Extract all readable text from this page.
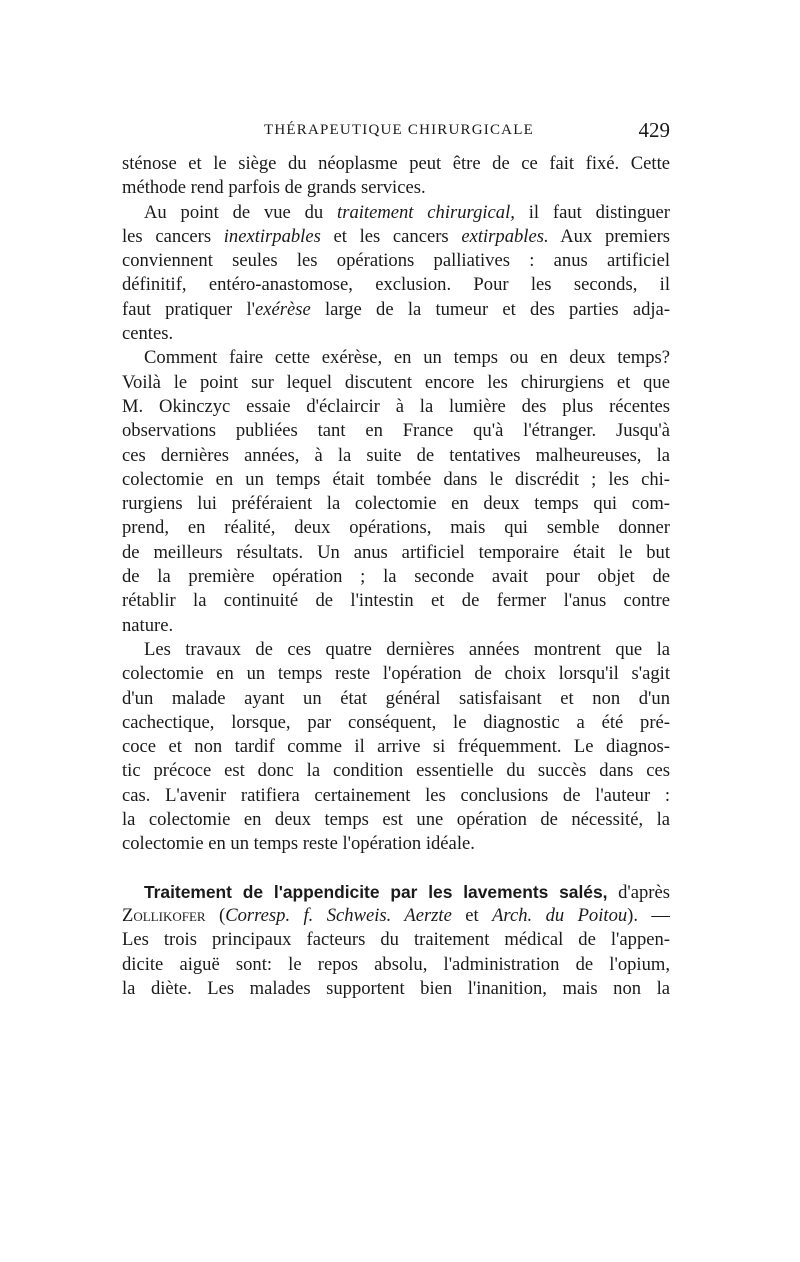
THÉRAPEUTIQUE CHIRURGICALE	429
sténose et le siège du néoplasme peut être de ce fait fixé. Cette
méthode rend parfois de grands services.
Au point de vue du traitement chirurgical, il faut distinguer
les cancers inextirpables et les cancers extirpables. Aux premiers
conviennent seules les opérations palliatives : anus artificiel
définitif, entéro-anastomose, exclusion. Pour les seconds, il
faut pratiquer l'exérèse large de la tumeur et des parties adja-
centes.
Comment faire cette exérèse, en un temps ou en deux temps?
Voilà le point sur lequel discutent encore les chirurgiens et que
M. Okinczyc essaie d'éclaircir à la lumière des plus récentes
observations publiées tant en France qu'à l'étranger. Jusqu'à
ces dernières années, à la suite de tentatives malheureuses, la
colectomie en un temps était tombée dans le discrédit ; les chi-
rurgiens lui préféraient la colectomie en deux temps qui com-
prend, en réalité, deux opérations, mais qui semble donner
de meilleurs résultats. Un anus artificiel temporaire était le but
de la première opération ; la seconde avait pour objet de
rétablir la continuité de l'intestin et de fermer l'anus contre
nature.
Les travaux de ces quatre dernières années montrent que la
colectomie en un temps reste l'opération de choix lorsqu'il s'agit
d'un malade ayant un état général satisfaisant et non d'un
cachectique, lorsque, par conséquent, le diagnostic a été pré-
coce et non tardif comme il arrive si fréquemment. Le diagnos-
tic précoce est donc la condition essentielle du succès dans ces
cas. L'avenir ratifiera certainement les conclusions de l'auteur :
la colectomie en deux temps est une opération de nécessité, la
colectomie en un temps reste l'opération idéale.
Traitement de l'appendicite par les lavements salés, d'après
Zollikofer (Corresp. f. Schweis. Aerzte et Arch. du Poitou). —
Les trois principaux facteurs du traitement médical de l'appen-
dicite aiguë sont: le repos absolu, l'administration de l'opium,
la diète. Les malades supportent bien l'inanition, mais non la
